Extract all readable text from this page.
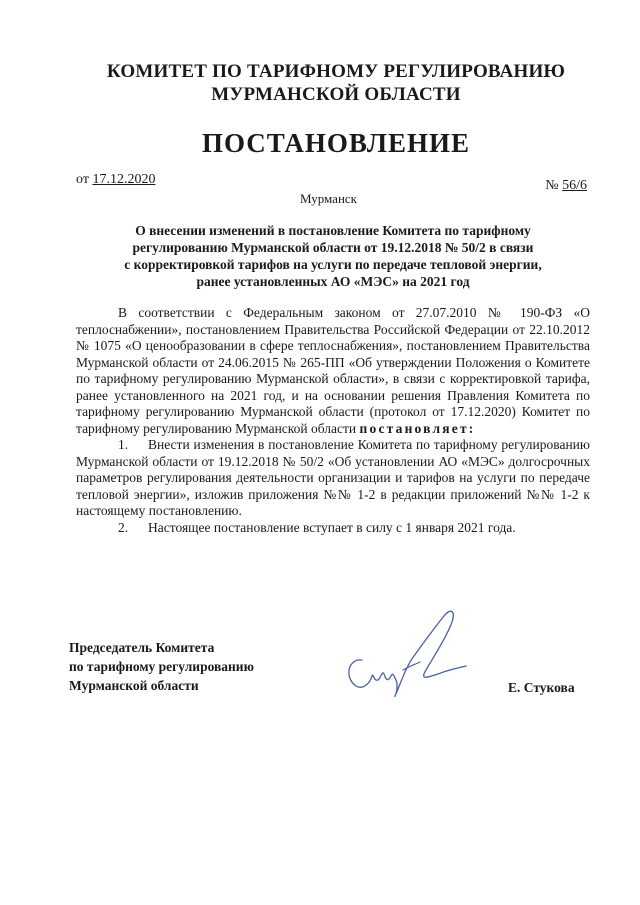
КОМИТЕТ ПО ТАРИФНОМУ РЕГУЛИРОВАНИЮ
МУРМАНСКОЙ ОБЛАСТИ
ПОСТАНОВЛЕНИЕ
от 17.12.2020	№ 56/6
Мурманск
О внесении изменений в постановление Комитета по тарифному
регулированию Мурманской области от 19.12.2018 № 50/2 в связи
с корректировкой тарифов на услуги по передаче тепловой энергии,
ранее установленных АО «МЭС» на 2021 год

В соответствии с Федеральным законом от 27.07.2010 № 190-ФЗ «О теплоснабжении», постановлением Правительства Российской Федерации от 22.10.2012 № 1075 «О ценообразовании в сфере теплоснабжения», постановлением Правительства Мурманской области от 24.06.2015 № 265-ПП «Об утверждении Положения о Комитете по тарифному регулированию Мурманской области», в связи с корректировкой тарифа, ранее установленного на 2021 год, и на основании решения Правления Комитета по тарифному регулированию Мурманской области (протокол от 17.12.2020) Комитет по тарифному регулированию Мурманской области постановляет:

1. Внести изменения в постановление Комитета по тарифному регулированию Мурманской области от 19.12.2018 № 50/2 «Об установлении АО «МЭС» долгосрочных параметров регулирования деятельности организации и тарифов на услуги по передаче тепловой энергии», изложив приложения №№ 1-2 в редакции приложений №№ 1-2 к настоящему постановлению.

2. Настоящее постановление вступает в силу с 1 января 2021 года.

Председатель Комитета
по тарифному регулированию
Мурманской области	Е. Стукова
